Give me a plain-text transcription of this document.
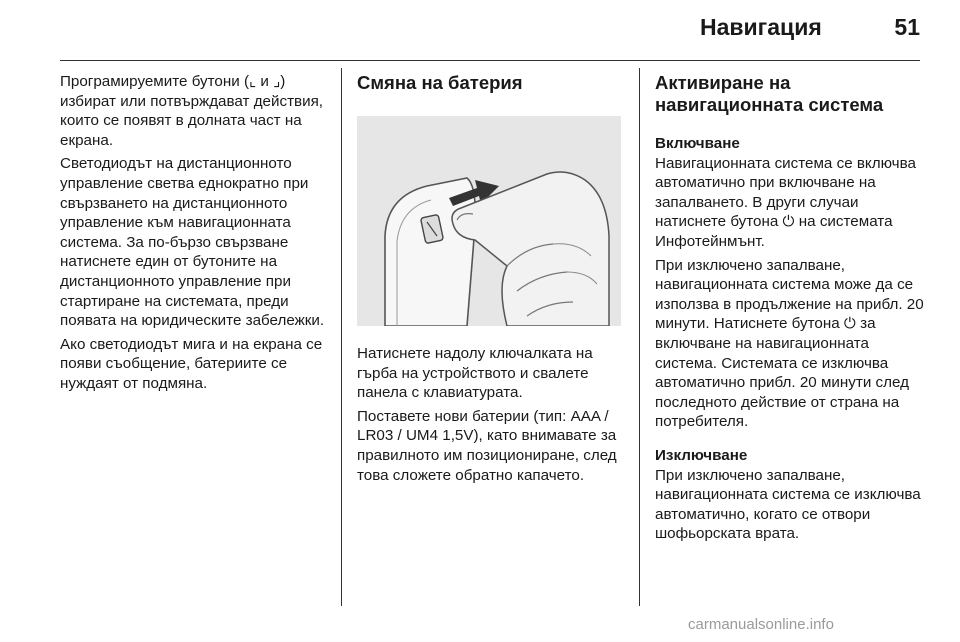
Навигация	51

Програмируемите бутони (⌞ и ⌟) избират или потвърждават действия, които се появят в долната част на екрана.

Светодиодът на дистанционното управление светва еднократно при свързването на дистанционното управление към навигационната система. За по-бързо свързване натиснете един от бутоните на дистанционното управление при стартиране на системата, преди появата на юридическите забележки.

Ако светодиодът мига и на екрана се появи съобщение, батериите се нуждаят от подмяна.

Смяна на батерия

Натиснете надолу ключалката на гърба на устройството и свалете панела с клавиатурата.

Поставете нови батерии (тип: AAA / LR03 / UM4 1,5V), като внимавате за правилното им позициониране, след това сложете обратно капачето.

Активиране на навигационната система
Включване

Навигационната система се включва автоматично при включване на запалването. В други случаи натиснете бутона ⏻ на системата Инфотейнмънт.

При изключено запалване, навигационната система може да се използва в продължение на прибл. 20 минути. Натиснете бутона ⏻ за включване на навигационната система. Системата се изключва автоматично прибл. 20 минути след последното действие от страна на потребителя.

Изключване

При изключено запалване, навигационната система се изключва автоматично, когато се отвори шофьорската врата.

carmanualsonline.info
